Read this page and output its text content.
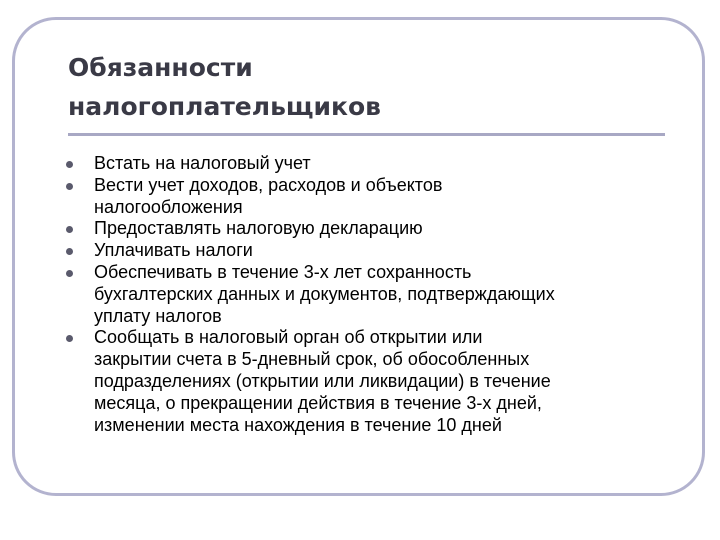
Обязанности
налогоплательщиков
Встать на налоговый учет
Вести учет доходов, расходов и объектов
налогообложения
Предоставлять налоговую декларацию
Уплачивать налоги
Обеспечивать в течение 3-х лет сохранность
бухгалтерских данных и документов, подтверждающих
уплату налогов
Сообщать в налоговый орган об открытии или
закрытии счета в 5-дневный срок, об обособленных
подразделениях (открытии или ликвидации) в течение
месяца, о прекращении действия в течение 3-х дней,
изменении места нахождения в течение 10 дней
